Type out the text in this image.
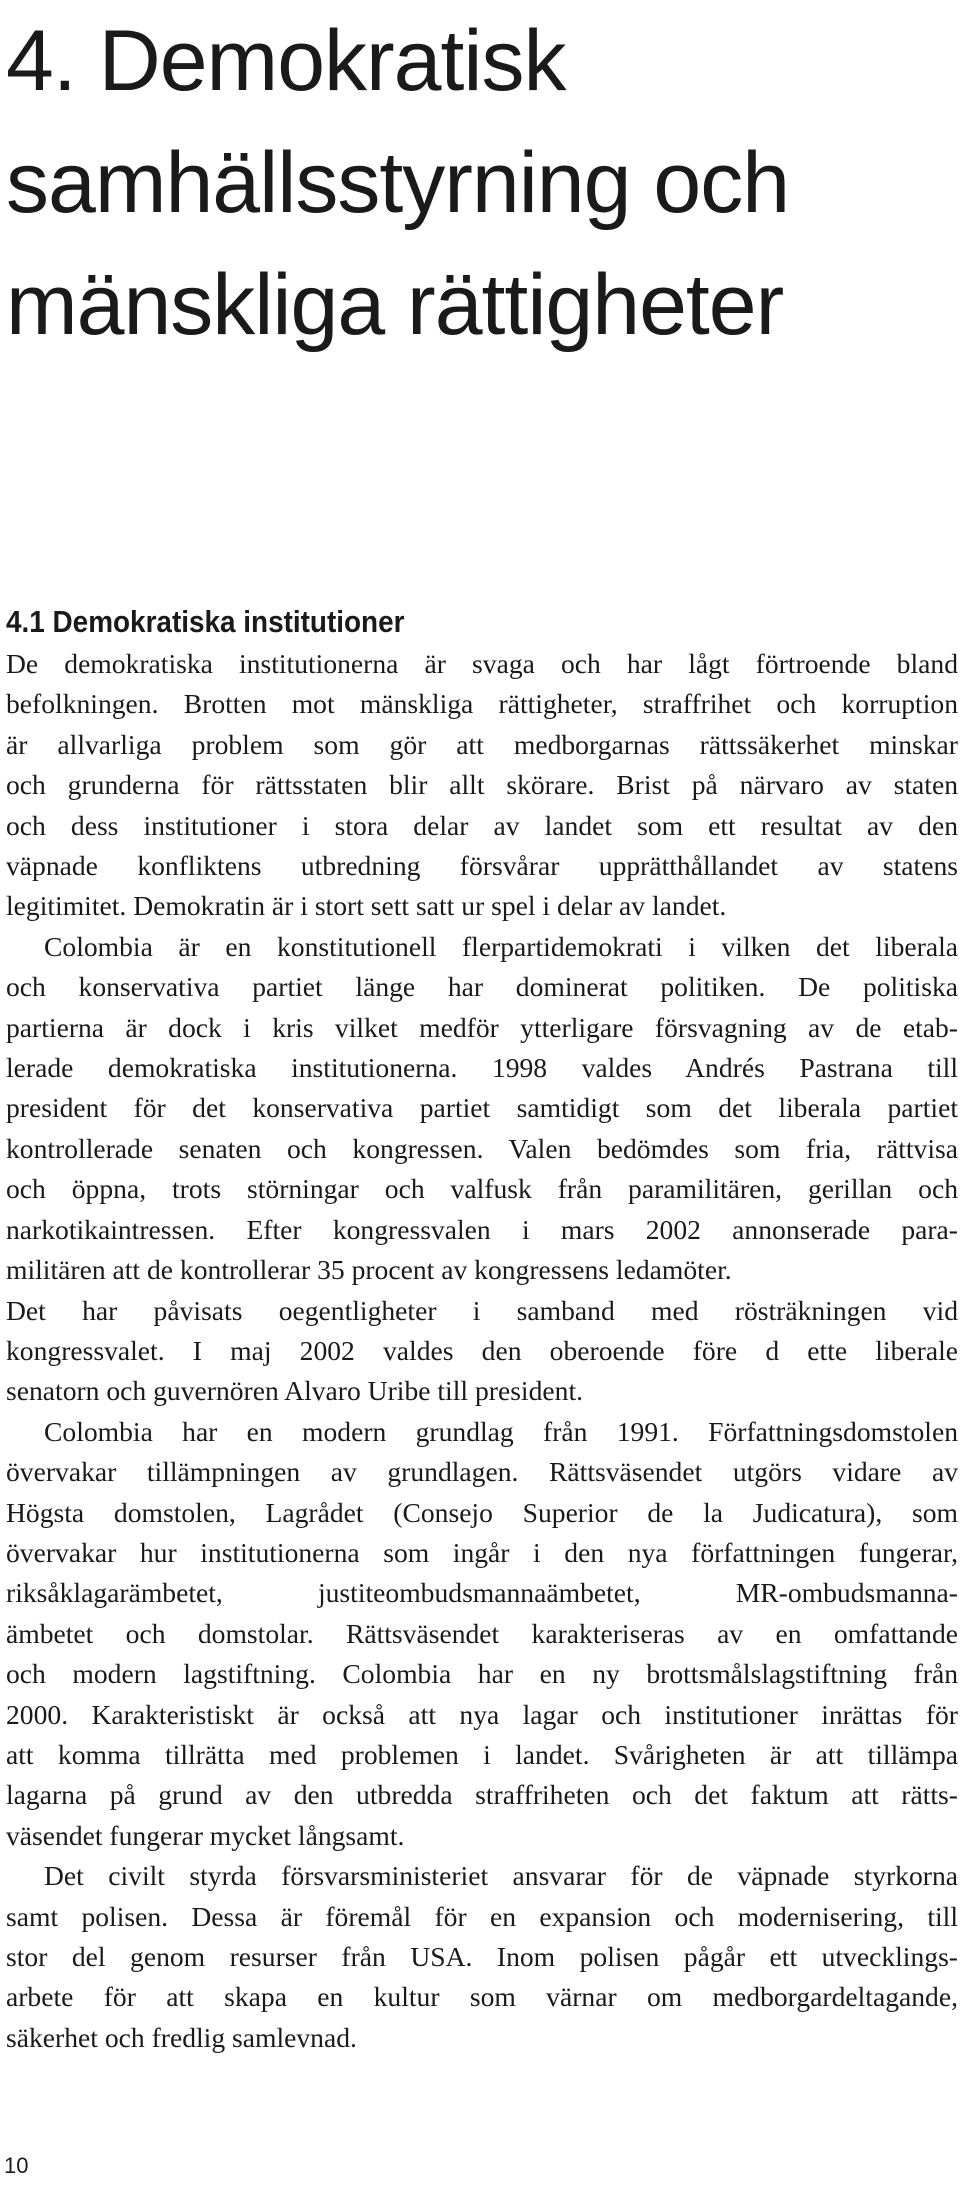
4. Demokratisk
samhällsstyrning och
mänskliga rättigheter
4.1 Demokratiska institutioner

De demokratiska institutionerna är svaga och har lågt förtroende bland
befolkningen. Brotten mot mänskliga rättigheter, straffrihet och korruption
är allvarliga problem som gör att medborgarnas rättssäkerhet minskar
och grunderna för rättsstaten blir allt skörare. Brist på närvaro av staten
och dess institutioner i stora delar av landet som ett resultat av den
väpnade konfliktens utbredning försvårar upprätthållandet av statens
legitimitet. Demokratin är i stort sett satt ur spel i delar av landet.

Colombia är en konstitutionell flerpartidemokrati i vilken det liberala
och konservativa partiet länge har dominerat politiken. De politiska
partierna är dock i kris vilket medför ytterligare försvagning av de etab-
lerade demokratiska institutionerna. 1998 valdes Andrés Pastrana till
president för det konservativa partiet samtidigt som det liberala partiet
kontrollerade senaten och kongressen. Valen bedömdes som fria, rättvisa
och öppna, trots störningar och valfusk från paramilitären, gerillan och
narkotikaintressen. Efter kongressvalen i mars 2002 annonserade para-
militären att de kontrollerar 35 procent av kongressens ledamöter.
Det har påvisats oegentligheter i samband med rösträkningen vid
kongressvalet. I maj 2002 valdes den oberoende före d ette liberale
senatorn och guvernören Alvaro Uribe till president.

Colombia har en modern grundlag från 1991. Författningsdomstolen
övervakar tillämpningen av grundlagen. Rättsväsendet utgörs vidare av
Högsta domstolen, Lagrådet (Consejo Superior de la Judicatura), som
övervakar hur institutionerna som ingår i den nya författningen fungerar,
riksåklagarämbetet, justiteombudsmannaämbetet, MR-ombudsmanna-
ämbetet och domstolar. Rättsväsendet karakteriseras av en omfattande
och modern lagstiftning. Colombia har en ny brottsmålslagstiftning från
2000. Karakteristiskt är också att nya lagar och institutioner inrättas för
att komma tillrätta med problemen i landet. Svårigheten är att tillämpa
lagarna på grund av den utbredda straffriheten och det faktum att rätts-
väsendet fungerar mycket långsamt.

Det civilt styrda försvarsministeriet ansvarar för de väpnade styrkorna
samt polisen. Dessa är föremål för en expansion och modernisering, till
stor del genom resurser från USA. Inom polisen pågår ett utvecklings-
arbete för att skapa en kultur som värnar om medborgardeltagande,
säkerhet och fredlig samlevnad.

10
